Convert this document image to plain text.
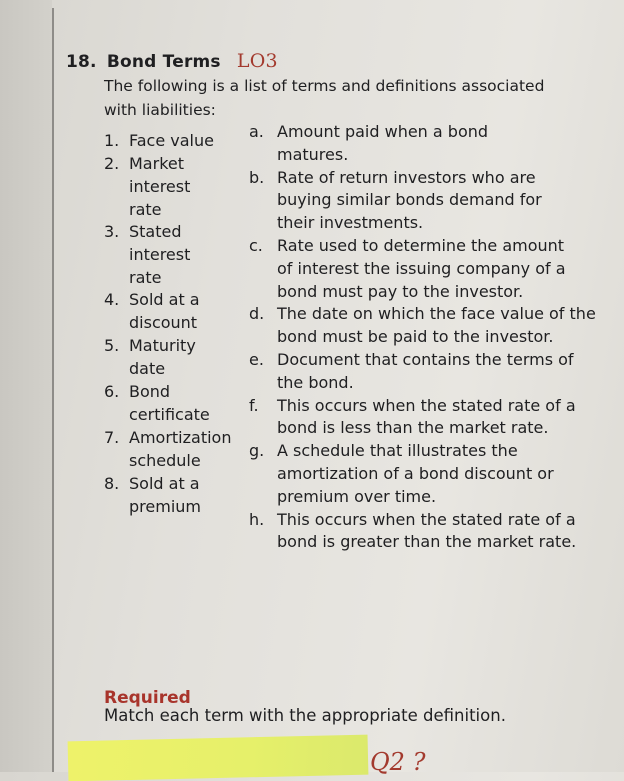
18. Bond Terms LO3
The following is a list of terms and definitions associated with liabilities:
1. Face value
2. Market interest rate
3. Stated interest rate
4. Sold at a discount
5. Maturity date
6. Bond certificate
7. Amortization schedule
8. Sold at a premium
a. Amount paid when a bond matures.
b. Rate of return investors who are buying similar bonds demand for their investments.
c. Rate used to determine the amount of interest the issuing company of a bond must pay to the investor.
d. The date on which the face value of the bond must be paid to the investor.
e. Document that contains the terms of the bond.
f. This occurs when the stated rate of a bond is less than the market rate.
g. A schedule that illustrates the amortization of a bond discount or premium over time.
h. This occurs when the stated rate of a bond is greater than the market rate.
Required
Match each term with the appropriate definition.
Q2 ?
